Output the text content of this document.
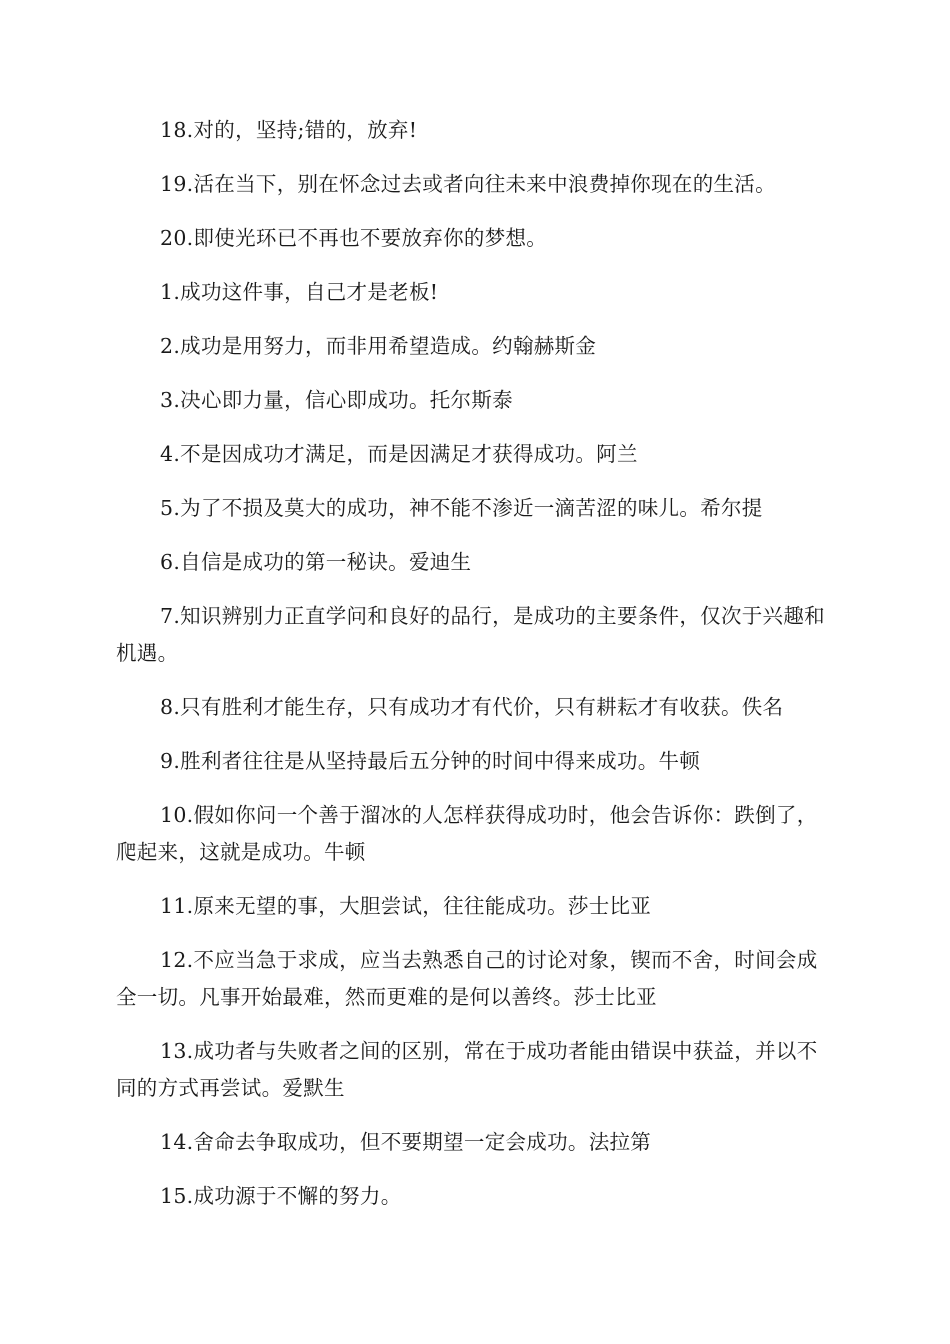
18.对的，坚持;错的，放弃!

19.活在当下，别在怀念过去或者向往未来中浪费掉你现在的生活。

20.即使光环已不再也不要放弃你的梦想。

1.成功这件事，自己才是老板!

2.成功是用努力，而非用希望造成。约翰赫斯金

3.决心即力量，信心即成功。托尔斯泰

4.不是因成功才满足，而是因满足才获得成功。阿兰

5.为了不损及莫大的成功，神不能不渗近一滴苦涩的味儿。希尔提

6.自信是成功的第一秘诀。爱迪生

7.知识辨别力正直学问和良好的品行，是成功的主要条件，仅次于兴趣和机遇。

8.只有胜利才能生存，只有成功才有代价，只有耕耘才有收获。佚名

9.胜利者往往是从坚持最后五分钟的时间中得来成功。牛顿

10.假如你问一个善于溜冰的人怎样获得成功时，他会告诉你：跌倒了，爬起来，这就是成功。牛顿

11.原来无望的事，大胆尝试，往往能成功。莎士比亚

12.不应当急于求成，应当去熟悉自己的讨论对象，锲而不舍，时间会成全一切。凡事开始最难，然而更难的是何以善终。莎士比亚

13.成功者与失败者之间的区别，常在于成功者能由错误中获益，并以不同的方式再尝试。爱默生

14.舍命去争取成功，但不要期望一定会成功。法拉第

15.成功源于不懈的努力。
